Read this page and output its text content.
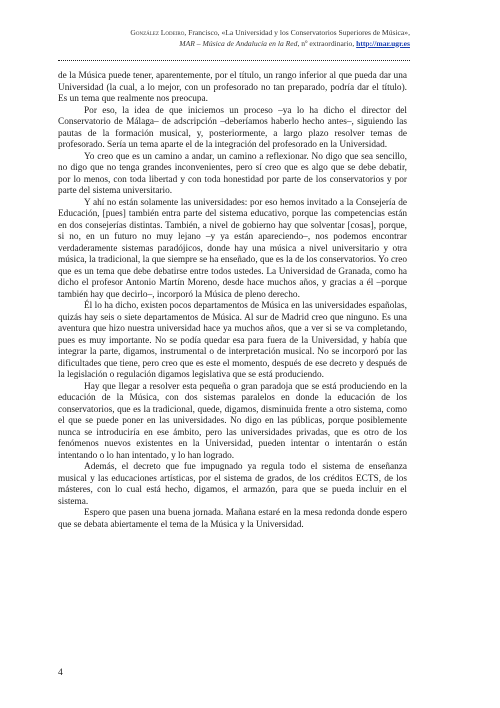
González Lodeiro, Francisco, «La Universidad y los Conservatorios Superiores de Música»,
MAR – Música de Andalucía en la Red, nº extraordinario, http://mar.ugr.es

de la Música puede tener, aparentemente, por el título, un rango inferior al que pueda dar una Universidad (la cual, a lo mejor, con un profesorado no tan preparado, podría dar el título). Es un tema que realmente nos preocupa.

Por eso, la idea de que iniciemos un proceso –ya lo ha dicho el director del Conservatorio de Málaga– de adscripción –deberíamos haberlo hecho antes–, siguiendo las pautas de la formación musical, y, posteriormente, a largo plazo resolver temas de profesorado. Sería un tema aparte el de la integración del profesorado en la Universidad.

Yo creo que es un camino a andar, un camino a reflexionar. No digo que sea sencillo, no digo que no tenga grandes inconvenientes, pero sí creo que es algo que se debe debatir, por lo menos, con toda libertad y con toda honestidad por parte de los conservatorios y por parte del sistema universitario.

Y ahí no están solamente las universidades: por eso hemos invitado a la Consejería de Educación, [pues] también entra parte del sistema educativo, porque las competencias están en dos consejerías distintas. También, a nivel de gobierno hay que solventar [cosas], porque, si no, en un futuro no muy lejano –y ya están apareciendo–, nos podemos encontrar verdaderamente sistemas paradójicos, donde hay una música a nivel universitario y otra música, la tradicional, la que siempre se ha enseñado, que es la de los conservatorios. Yo creo que es un tema que debe debatirse entre todos ustedes. La Universidad de Granada, como ha dicho el profesor Antonio Martín Moreno, desde hace muchos años, y gracias a él –porque también hay que decirlo–, incorporó la Música de pleno derecho.

Él lo ha dicho, existen pocos departamentos de Música en las universidades españolas, quizás hay seis o siete departamentos de Música. Al sur de Madrid creo que ninguno. Es una aventura que hizo nuestra universidad hace ya muchos años, que a ver si se va completando, pues es muy importante. No se podía quedar esa para fuera de la Universidad, y había que integrar la parte, digamos, instrumental o de interpretación musical. No se incorporó por las dificultades que tiene, pero creo que es este el momento, después de ese decreto y después de la legislación o regulación digamos legislativa que se está produciendo.

Hay que llegar a resolver esta pequeña o gran paradoja que se está produciendo en la educación de la Música, con dos sistemas paralelos en donde la educación de los conservatorios, que es la tradicional, quede, digamos, disminuida frente a otro sistema, como el que se puede poner en las universidades. No digo en las públicas, porque posiblemente nunca se introduciría en ese ámbito, pero las universidades privadas, que es otro de los fenómenos nuevos existentes en la Universidad, pueden intentar o intentarán o están intentando o lo han intentado, y lo han logrado.

Además, el decreto que fue impugnado ya regula todo el sistema de enseñanza musical y las educaciones artísticas, por el sistema de grados, de los créditos ECTS, de los másteres, con lo cual está hecho, digamos, el armazón, para que se pueda incluir en el sistema.

Espero que pasen una buena jornada. Mañana estaré en la mesa redonda donde espero que se debata abiertamente el tema de la Música y la Universidad.

4
